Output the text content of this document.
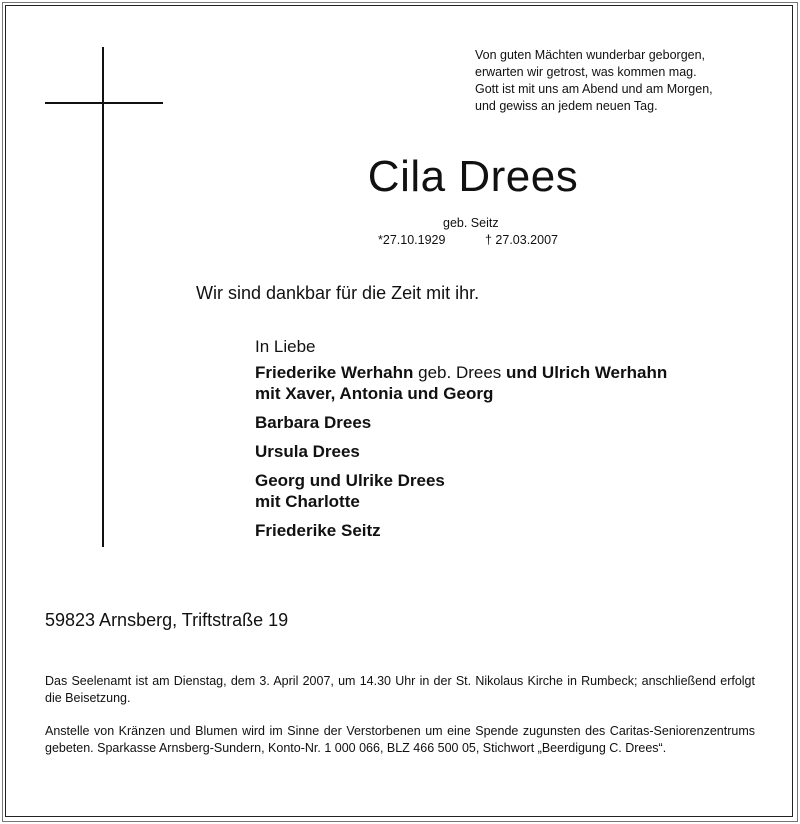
Von guten Mächten wunderbar geborgen,
erwarten wir getrost, was kommen mag.
Gott ist mit uns am Abend und am Morgen,
und gewiss an jedem neuen Tag.
Cila Drees
geb. Seitz
*27.10.1929	† 27.03.2007
Wir sind dankbar für die Zeit mit ihr.
In Liebe
Friederike Werhahn geb. Drees und Ulrich Werhahn
mit Xaver, Antonia und Georg
Barbara Drees
Ursula Drees
Georg und Ulrike Drees
mit Charlotte
Friederike Seitz
59823 Arnsberg, Triftstraße 19
Das Seelenamt ist am Dienstag, dem 3. April 2007, um 14.30 Uhr in der St. Nikolaus Kirche in Rumbeck; anschließend erfolgt die Beisetzung.
Anstelle von Kränzen und Blumen wird im Sinne der Verstorbenen um eine Spende zugunsten des Caritas-Seniorenzentrums gebeten. Sparkasse Arnsberg-Sundern, Konto-Nr. 1 000 066, BLZ 466 500 05, Stichwort „Beerdigung C. Drees“.
